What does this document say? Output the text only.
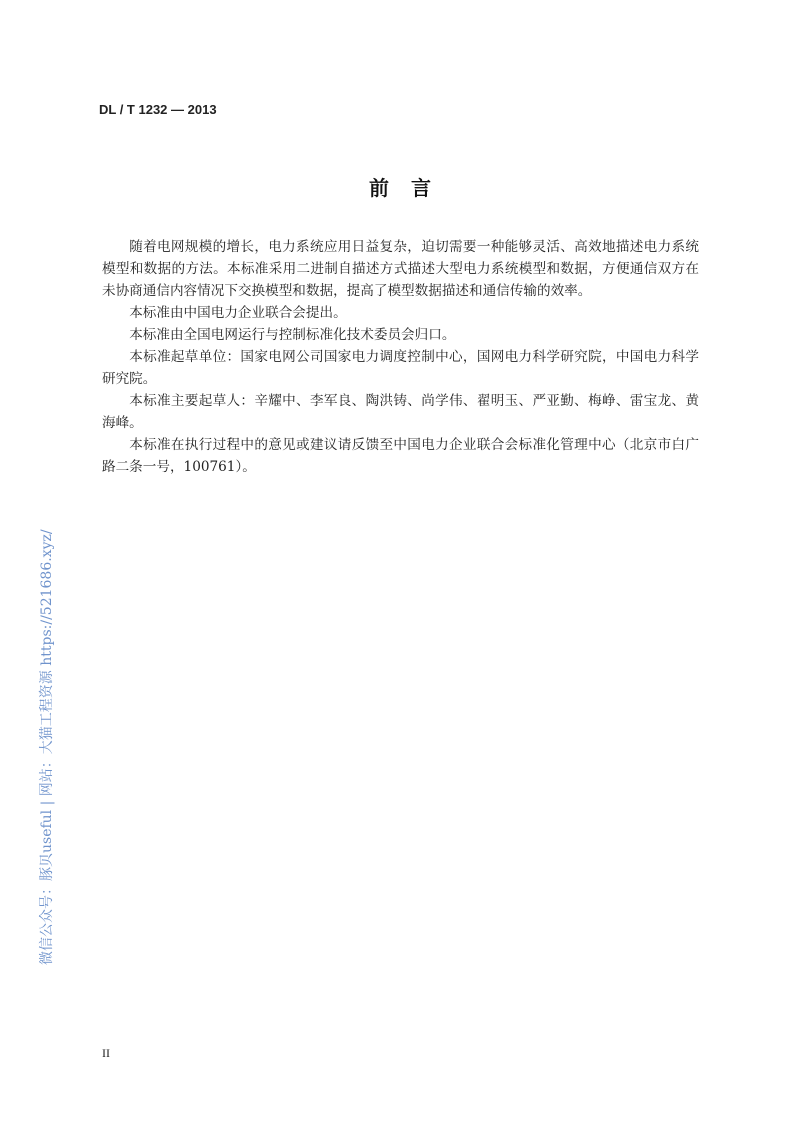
DL / T 1232 — 2013
前言

随着电网规模的增长，电力系统应用日益复杂，迫切需要一种能够灵活、高效地描述电力系统模型和数据的方法。本标准采用二进制自描述方式描述大型电力系统模型和数据，方便通信双方在未协商通信内容情况下交换模型和数据，提高了模型数据描述和通信传输的效率。

本标准由中国电力企业联合会提出。

本标准由全国电网运行与控制标准化技术委员会归口。

本标准起草单位：国家电网公司国家电力调度控制中心，国网电力科学研究院，中国电力科学研究院。

本标准主要起草人：辛耀中、李军良、陶洪铸、尚学伟、翟明玉、严亚勤、梅峥、雷宝龙、黄海峰。

本标准在执行过程中的意见或建议请反馈至中国电力企业联合会标准化管理中心（北京市白广路二条一号，100761）。

微信公众号：豚贝useful | 网站：大猫工程资源 https://521686.xyz/
II
